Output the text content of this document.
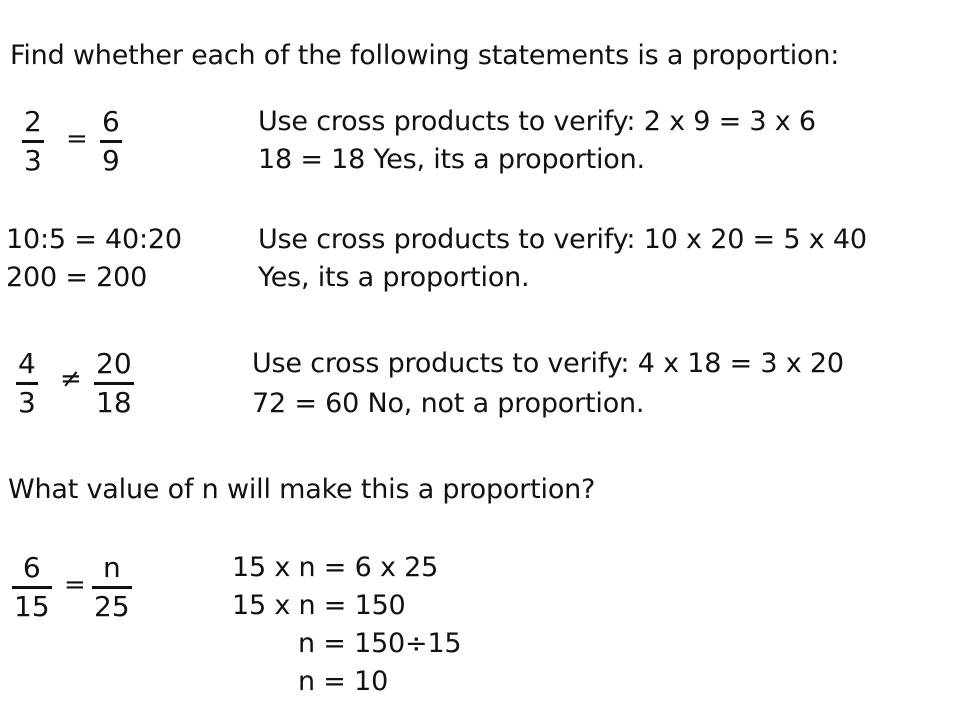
Find whether each of the following statements is a proportion:
2
3
=
6
9
Use cross products to verify: 2 x 9 = 3 x 6
18 = 18 Yes, its a proportion.
10:5 = 40:20
200 = 200
Use cross products to verify: 10 x 20 = 5 x 40
Yes, its a proportion.
4
3
≠ 20
18
Use cross products to verify: 4 x 18 = 3 x 20
72 = 60 No, not a proportion.
What value of n will make this a proportion?
6
15
=
n
25
15 x n = 6 x 25
15 x n = 150
n = 150÷15
n = 10
